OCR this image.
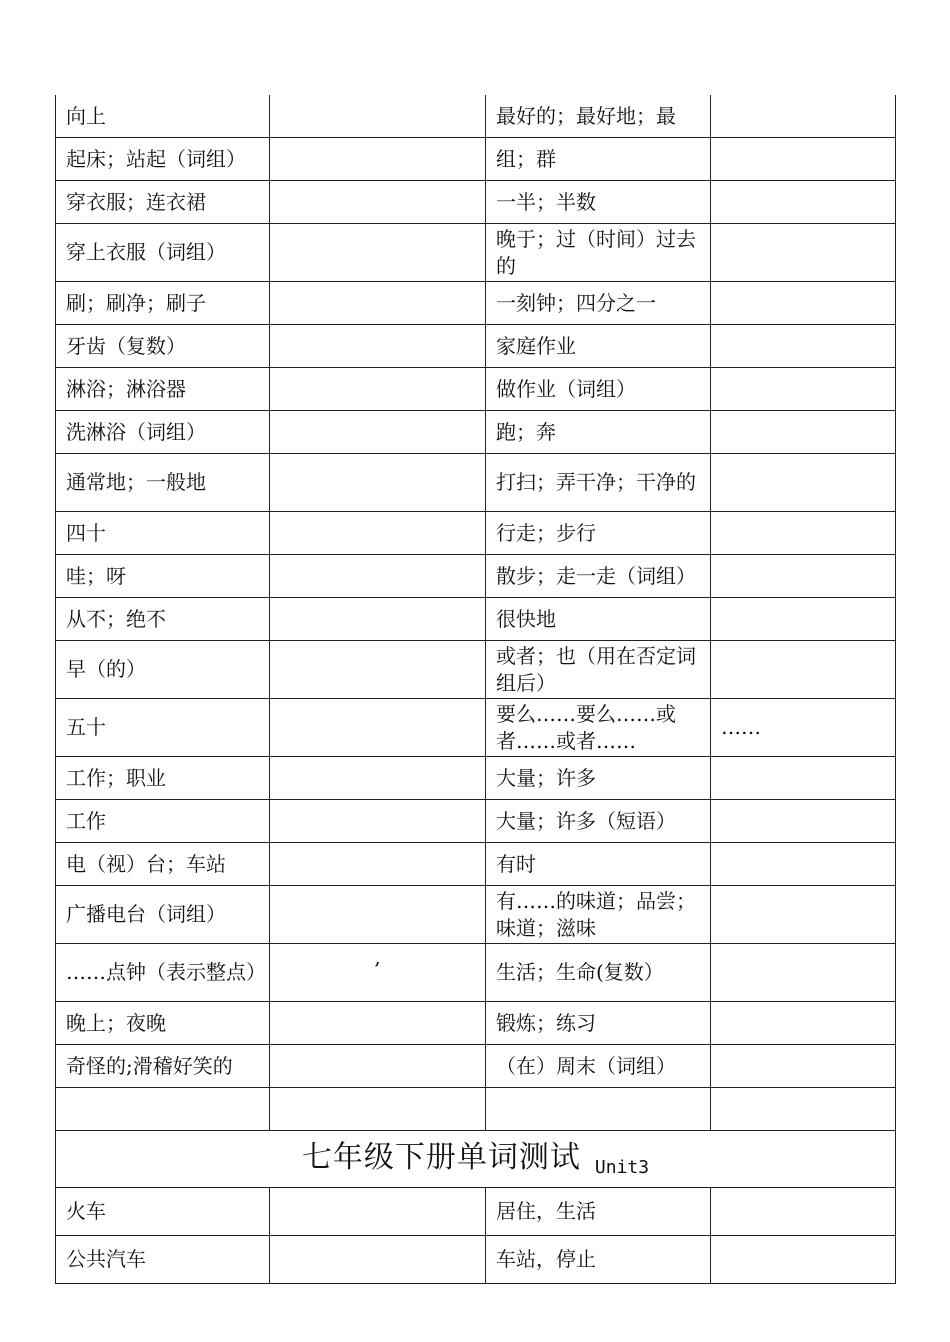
向上		最好的；最好地；最	
起床；站起（词组）		组；群	
穿衣服；连衣裙		一半；半数	
穿上衣服（词组）		晚于；过（时间）过去的	
刷；刷净；刷子		一刻钟；四分之一	
牙齿（复数）		家庭作业	
淋浴；淋浴器		做作业（词组）	
洗淋浴（词组）		跑；奔	
通常地；一般地		打扫；弄干净；干净的	
四十		行走；步行	
哇；呀		散步；走一走（词组）	
从不；绝不		很快地	
早（的）		或者；也（用在否定词组后）	
五十		要么……要么……或者……或者……	……
工作；职业		大量；许多	
工作		大量；许多（短语）	
电（视）台；车站		有时	
广播电台（词组）		有……的味道；品尝；味道；滋味	
……点钟（表示整点）	,	生活；生命(复数）	
晚上；夜晚		锻炼；练习	
奇怪的;滑稽好笑的		（在）周末（词组）	

七年级下册单词测试 Unit3			
火车		居住，生活	
公共汽车		车站，停止	
